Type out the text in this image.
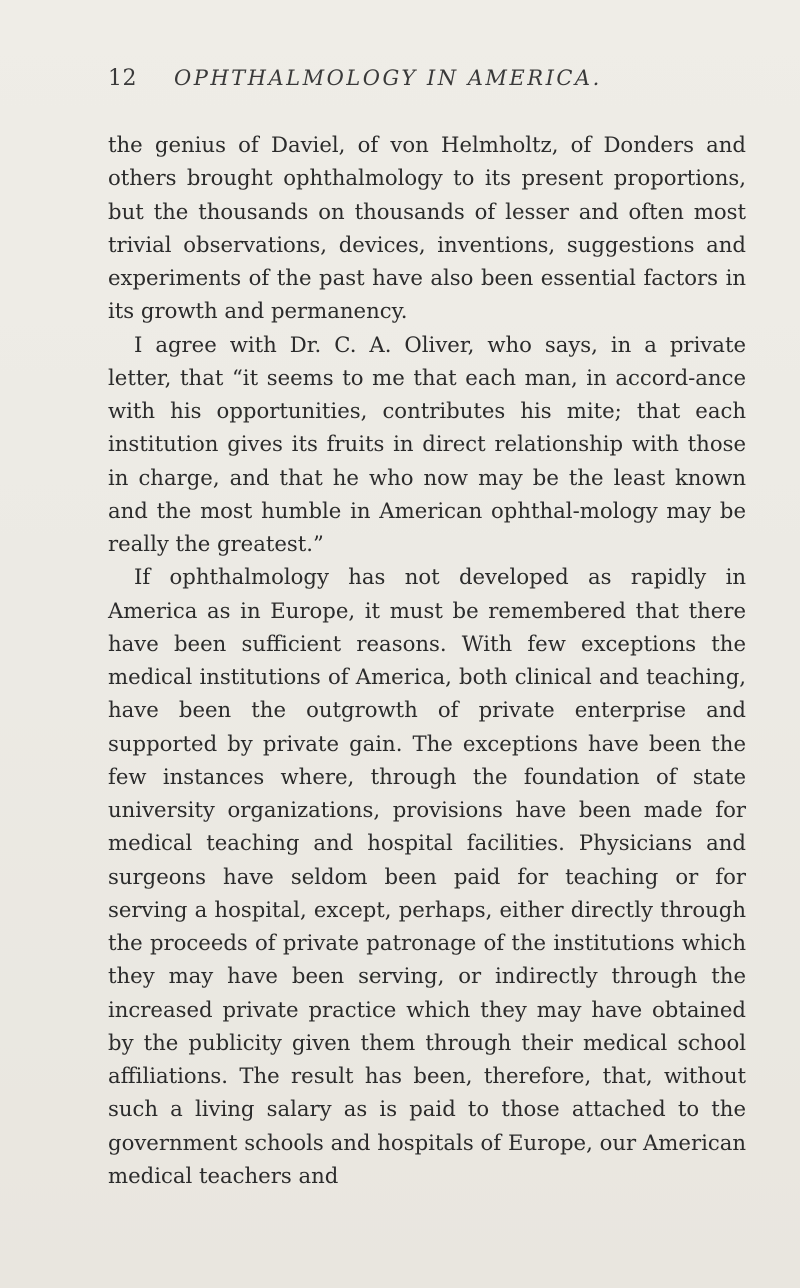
12 OPHTHALMOLOGY IN AMERICA.

the genius of Daviel, of von Helmholtz, of Donders and others brought ophthalmology to its present proportions, but the thousands on thousands of lesser and often most trivial observations, devices, inventions, suggestions and experiments of the past have also been essential factors in its growth and permanency.

I agree with Dr. C. A. Oliver, who says, in a private letter, that “it seems to me that each man, in accord-ance with his opportunities, contributes his mite; that each institution gives its fruits in direct relationship with those in charge, and that he who now may be the least known and the most humble in American ophthal-mology may be really the greatest.”

If ophthalmology has not developed as rapidly in America as in Europe, it must be remembered that there have been sufficient reasons. With few exceptions the medical institutions of America, both clinical and teaching, have been the outgrowth of private enterprise and supported by private gain. The exceptions have been the few instances where, through the foundation of state university organizations, provisions have been made for medical teaching and hospital facilities. Physicians and surgeons have seldom been paid for teaching or for serving a hospital, except, perhaps, either directly through the proceeds of private patronage of the institutions which they may have been serving, or indirectly through the increased private practice which they may have obtained by the publicity given them through their medical school affiliations. The result has been, therefore, that, without such a living salary as is paid to those attached to the government schools and hospitals of Europe, our American medical teachers and
